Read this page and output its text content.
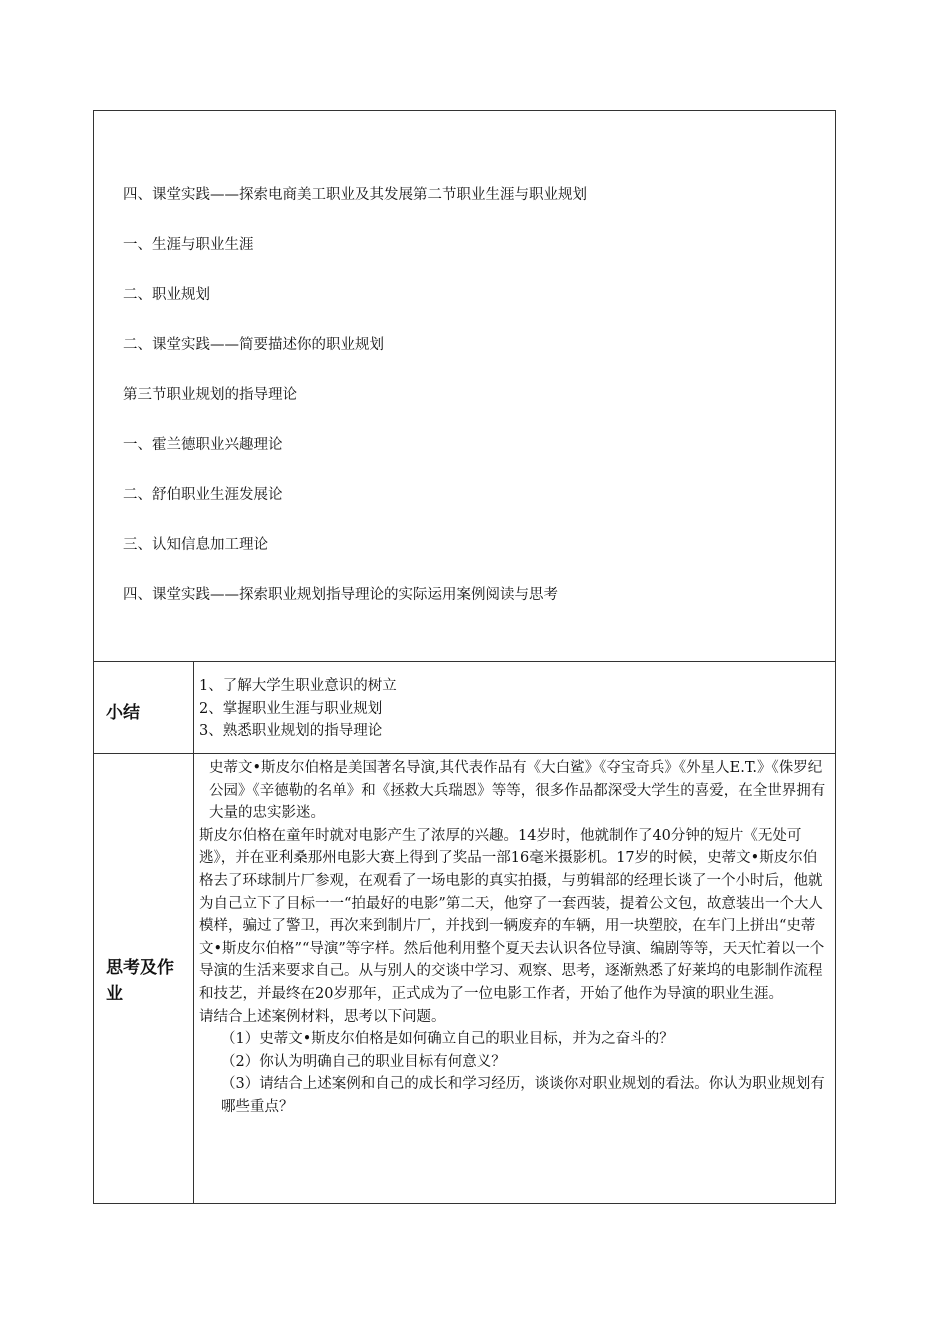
四、课堂实践——探索电商美工职业及其发展第二节职业生涯与职业规划
一、生涯与职业生涯
二、职业规划
二、课堂实践——简要描述你的职业规划
第三节职业规划的指导理论
一、霍兰德职业兴趣理论
二、舒伯职业生涯发展论
三、认知信息加工理论
四、课堂实践——探索职业规划指导理论的实际运用案例阅读与思考
小结
1、了解大学生职业意识的树立
2、掌握职业生涯与职业规划
3、熟悉职业规划的指导理论
思考及作业

史蒂文•斯皮尔伯格是美国著名导演,其代表作品有《大白鲨》《夺宝奇兵》《外星人E.T.》《侏罗纪公园》《辛德勒的名单》和《拯救大兵瑞恩》等等，很多作品都深受大学生的喜爱，在全世界拥有大量的忠实影迷。

斯皮尔伯格在童年时就对电影产生了浓厚的兴趣。14岁时，他就制作了40分钟的短片《无处可逃》，并在亚利桑那州电影大赛上得到了奖品一部16毫米摄影机。17岁的时候，史蒂文•斯皮尔伯格去了环球制片厂参观，在观看了一场电影的真实拍摄，与剪辑部的经理长谈了一个小时后，他就为自己立下了目标一一“拍最好的电影”第二天，他穿了一套西装，提着公文包，故意装出一个大人模样，骗过了警卫，再次来到制片厂，并找到一辆废弃的车辆，用一块塑胶，在车门上拼出“史蒂文•斯皮尔伯格”“导演”等字样。然后他利用整个夏天去认识各位导演、编剧等等，天天忙着以一个导演的生活来要求自己。从与别人的交谈中学习、观察、思考，逐渐熟悉了好莱坞的电影制作流程和技艺，并最终在20岁那年，正式成为了一位电影工作者，开始了他作为导演的职业生涯。

请结合上述案例材料，思考以下问题。

（1）史蒂文•斯皮尔伯格是如何确立自己的职业目标，并为之奋斗的？

（2）你认为明确自己的职业目标有何意义？

（3）请结合上述案例和自己的成长和学习经历，谈谈你对职业规划的看法。你认为职业规划有哪些重点？
